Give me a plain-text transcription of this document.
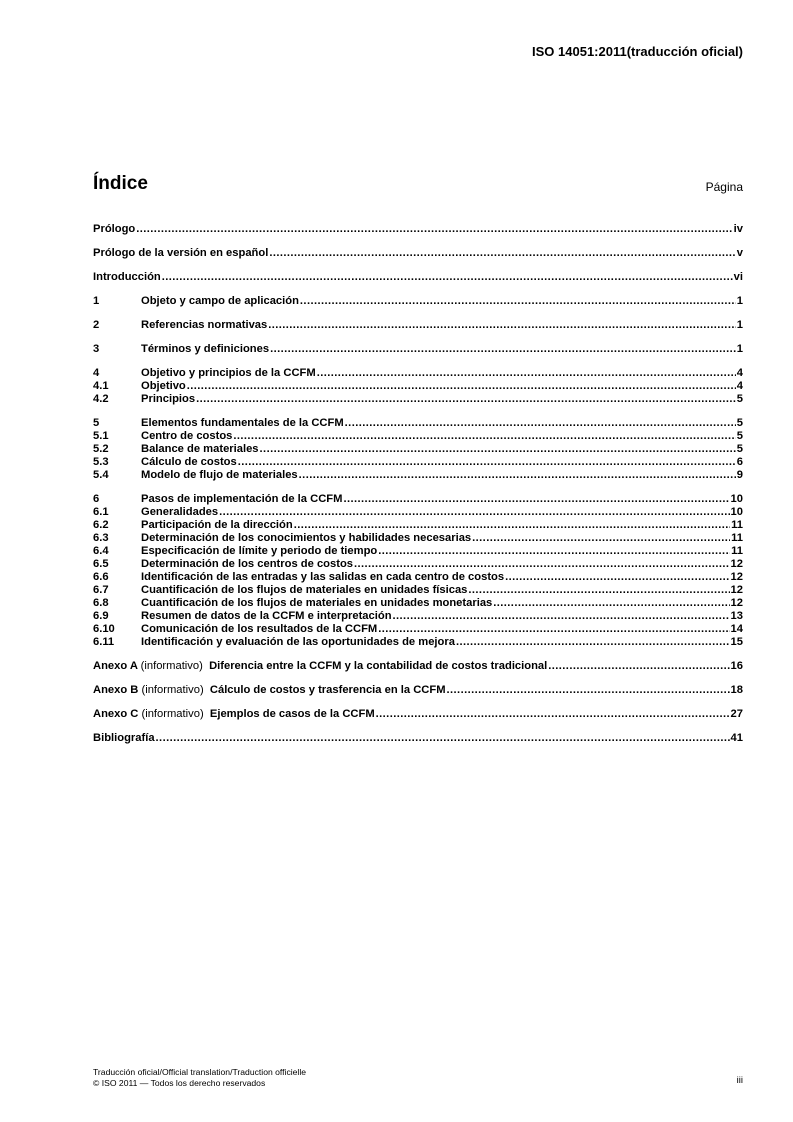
ISO 14051:2011(traducción oficial)
Índice	Página
Prólogo .....	iv
Prólogo de la versión en español .....	v
Introducción .....	vi
1	Objeto y campo de aplicación .....	1
2	Referencias normativas .....	1
3	Términos y definiciones .....	1
4	Objetivo y principios de la CCFM .....	4
4.1	Objetivo .....	4
4.2	Principios .....	5
5	Elementos fundamentales de la CCFM .....	5
5.1	Centro de costos .....	5
5.2	Balance de materiales .....	5
5.3	Cálculo de costos .....	6
5.4	Modelo de flujo de materiales .....	9
6	Pasos de implementación de la CCFM .....	10
6.1	Generalidades .....	10
6.2	Participación de la dirección .....	11
6.3	Determinación de los conocimientos y habilidades necesarias .....	11
6.4	Especificación de límite y periodo de tiempo .....	11
6.5	Determinación de los centros de costos .....	12
6.6	Identificación de las entradas y las salidas en cada centro de costos .....	12
6.7	Cuantificación de los flujos de materiales en unidades físicas .....	12
6.8	Cuantificación de los flujos de materiales en unidades monetarias .....	12
6.9	Resumen de datos de la CCFM e interpretación .....	13
6.10	Comunicación de los resultados de la CCFM .....	14
6.11	Identificación y evaluación de las oportunidades de mejora .....	15
Anexo A (informativo) Diferencia entre la CCFM y la contabilidad de costos tradicional .....	16
Anexo B (informativo) Cálculo de costos y trasferencia en la CCFM .....	18
Anexo C (informativo) Ejemplos de casos de la CCFM .....	27
Bibliografía .....	41
Traducción oficial/Official translation/Traduction officielle
© ISO 2011 — Todos los derecho reservados	iii
